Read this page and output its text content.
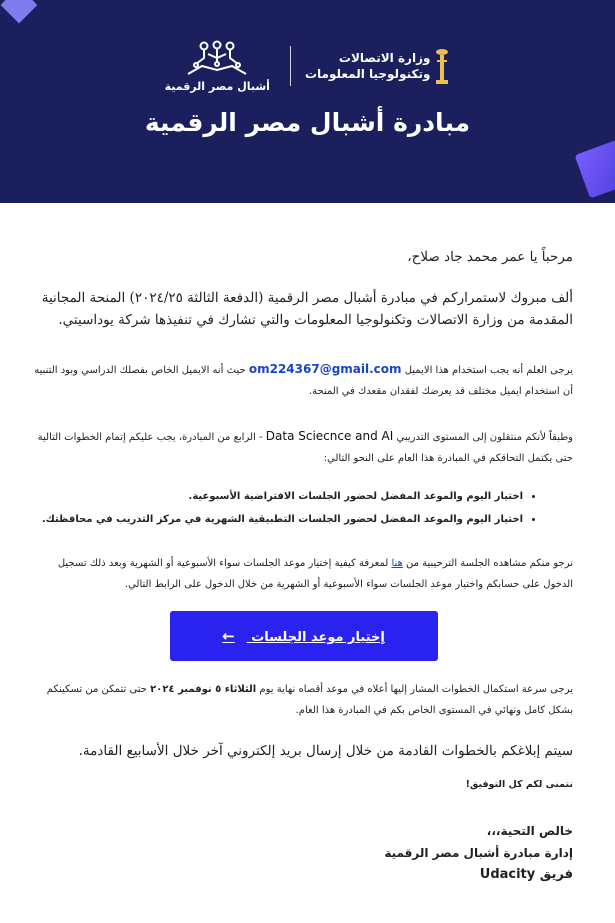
أشبال مصر الرقمية
وزارة الاتصالات
وتكنولوجيا المعلومات
مبادرة أشبال مصر الرقمية

مرحباً يا عمر محمد جاد صلاح،

ألف مبروك لاستمراركم في مبادرة أشبال مصر الرقمية (الدفعة الثالثة ٢٠٢٤/٢٥) المنحة المجانية المقدمة من وزارة الاتصالات وتكنولوجيا المعلومات والتي تشارك في تنفيذها شركة يوداسيتي.

يرجى العلم أنه يجب استخدام هذا الايميل om224367@gmail.com حيث أنه الايميل الخاص بفصلك الدراسي وبود التنبيه أن استخدام ايميل مختلف قد يعرضك لفقدان مقعدك في المنحة.

وطبقاً لأنكم منتقلون إلى المستوى التدريبي Data Sciecnce and AI - الرابع من المبادرة، يجب عليكم إتمام الخطوات التالية حتى يكتمل التحاقكم في المبادرة هذا العام على النحو التالي:

• اختيار اليوم والموعد المفضل لحضور الجلسات الافتراضية الأسبوعية.
• اختيار اليوم والموعد المفضل لحضور الجلسات التطبيقية الشهرية في مركز التدريب في محافظتك.

نرجو منكم مشاهده الجلسة الترحيبية من هنا لمعرفة كيفية إختيار موعد الجلسات سواء الأسبوعية أو الشهرية وبعد ذلك تسجيل الدخول على حسابكم واختيار موعد الجلسات سواء الأسبوعية أو الشهرية من خلال الدخول على الرابط التالي.

إختيار موعد الجلسات ←

يرجى سرعة استكمال الخطوات المشار إليها أعلاه في موعد أقصاه نهاية يوم الثلاثاء ٥ نوفمبر ٢٠٢٤ حتى تتمكن من تسكينكم بشكل كامل ونهائي في المستوى الخاص بكم في المبادرة هذا العام.

سيتم إبلاغكم بالخطوات القادمة من خلال إرسال بريد إلكتروني آخر خلال الأسابيع القادمة.

نتمنى لكم كل التوفيق!

خالص التحية،،،
إدارة مبادرة أشبال مصر الرقمية
فريق Udacity
